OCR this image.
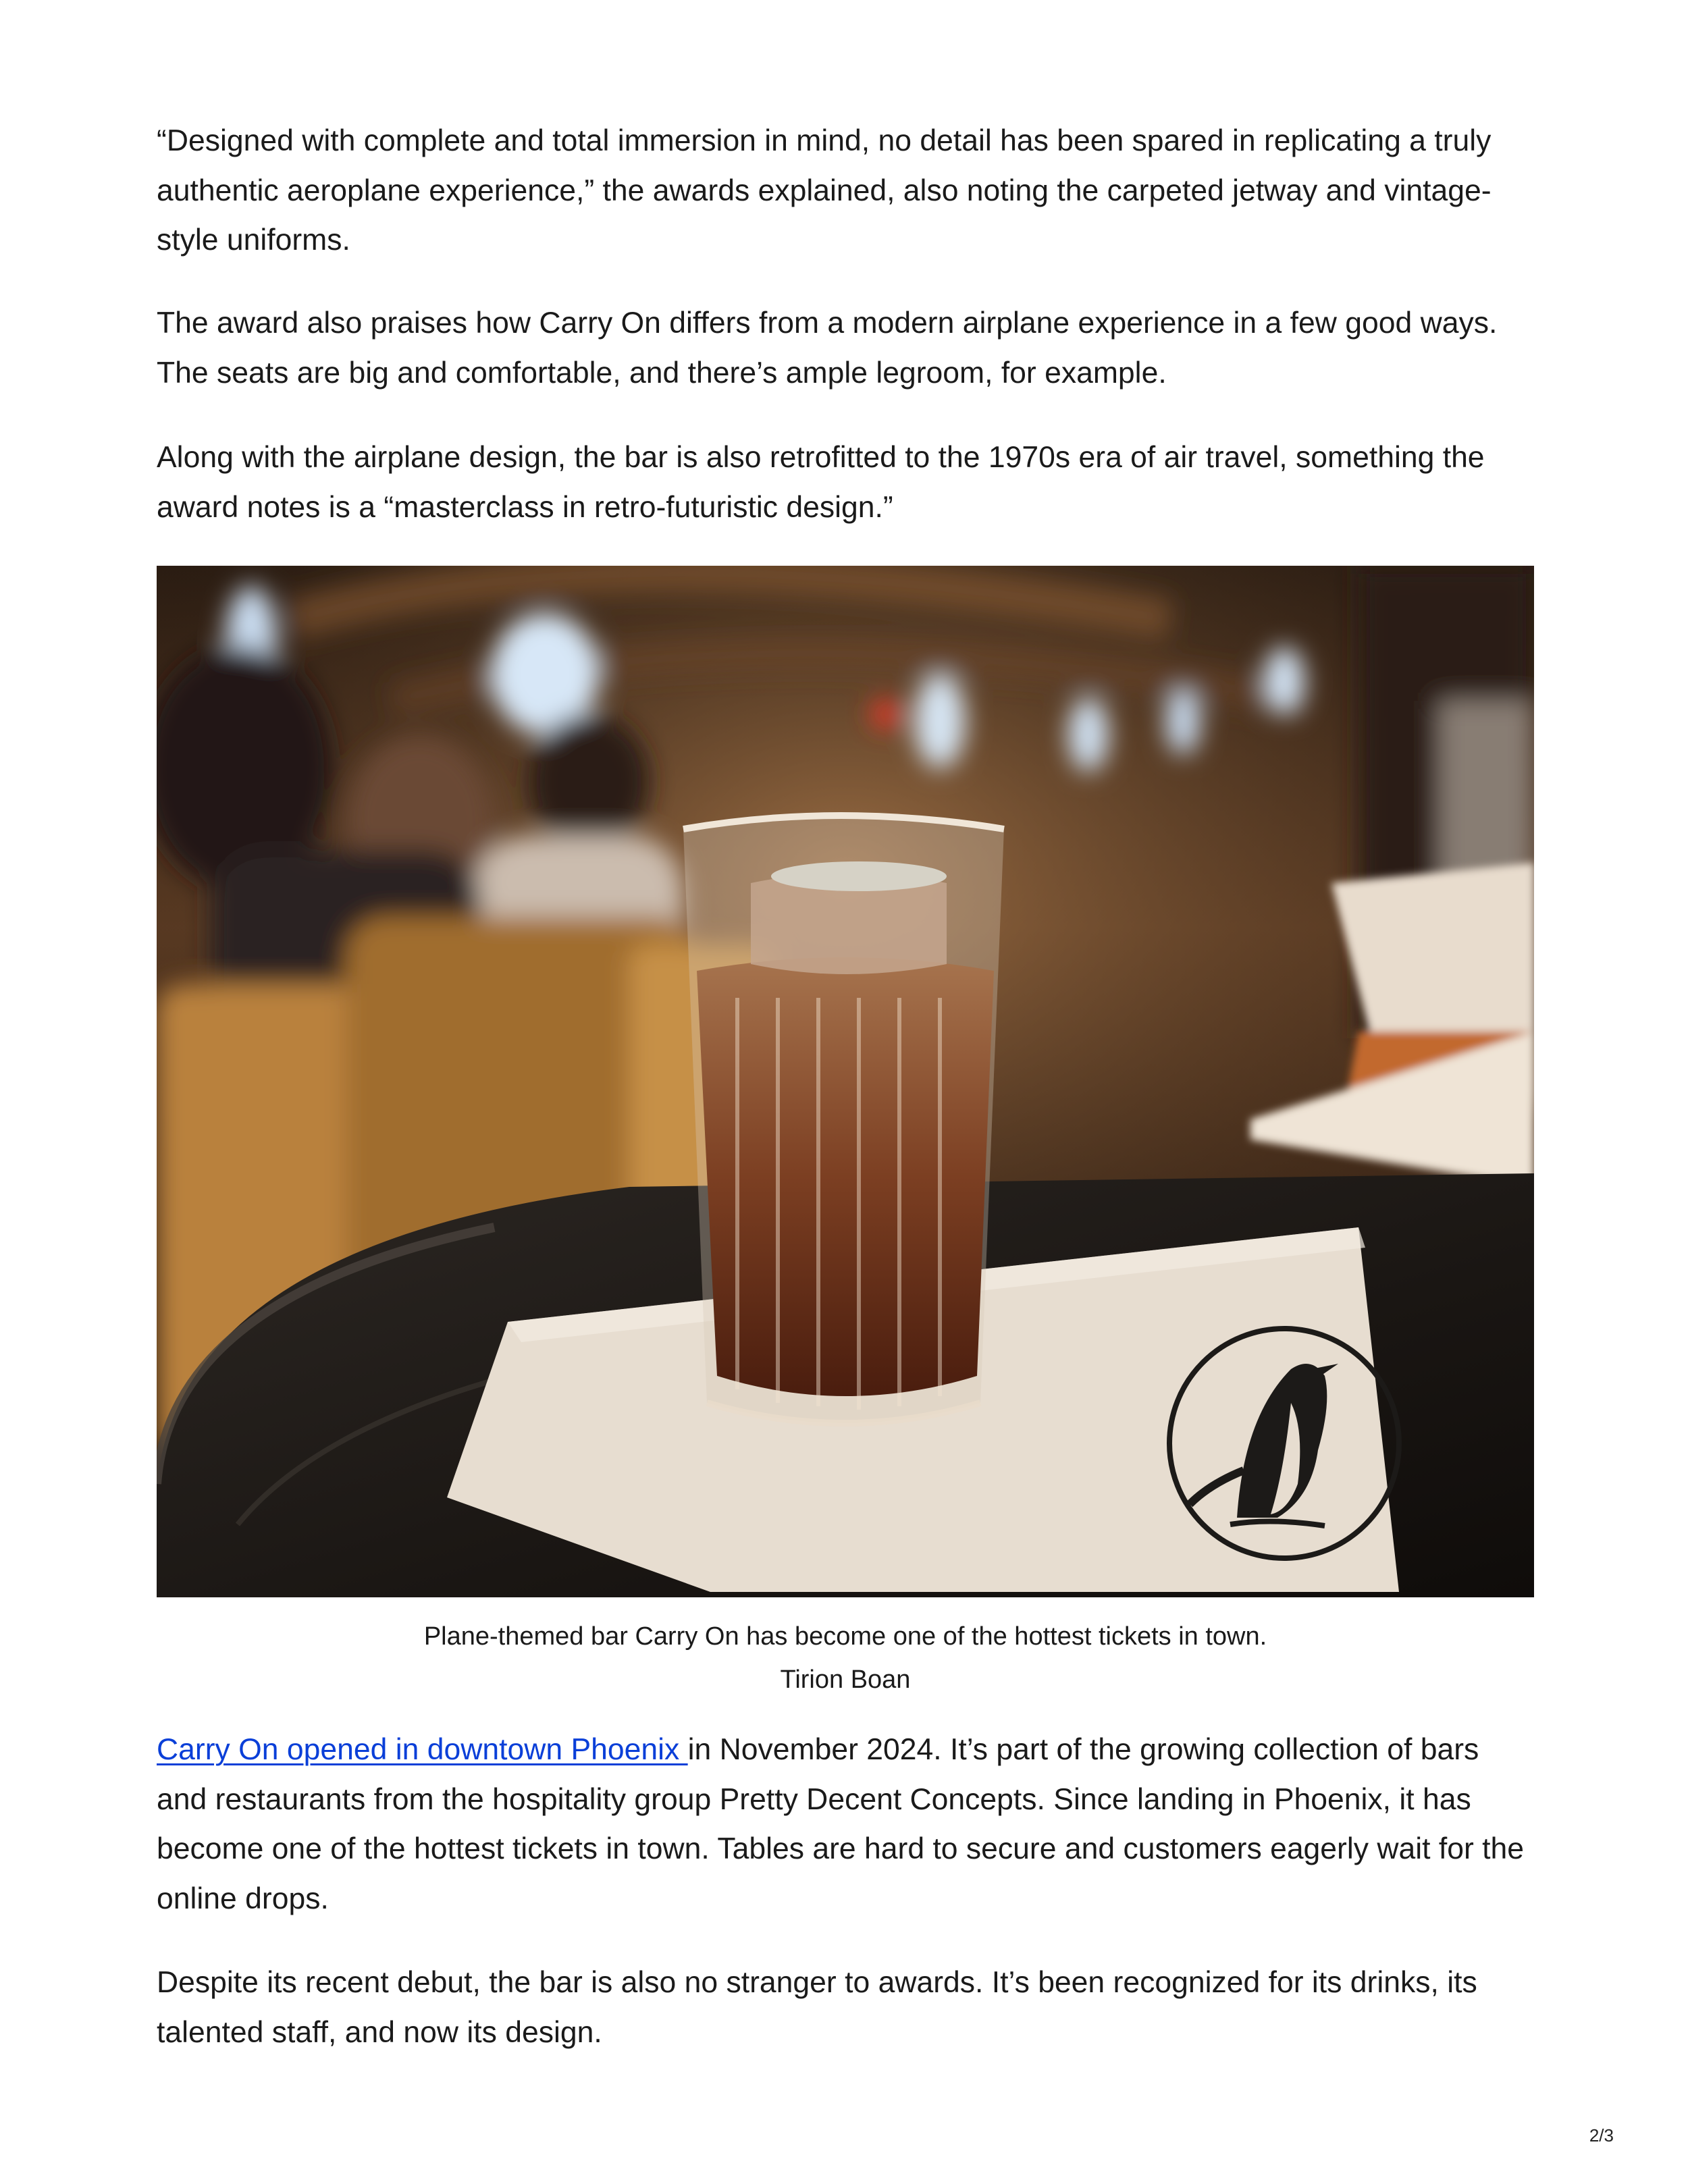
“Designed with complete and total immersion in mind, no detail has been spared in replicating a truly authentic aeroplane experience,” the awards explained, also noting the carpeted jetway and vintage-style uniforms.

The award also praises how Carry On differs from a modern airplane experience in a few good ways. The seats are big and comfortable, and there’s ample legroom, for example.

Along with the airplane design, the bar is also retrofitted to the 1970s era of air travel, something the award notes is a “masterclass in retro-futuristic design.”

Plane-themed bar Carry On has become one of the hottest tickets in town.
Tirion Boan

Carry On opened in downtown Phoenix in November 2024. It’s part of the growing collection of bars and restaurants from the hospitality group Pretty Decent Concepts. Since landing in Phoenix, it has become one of the hottest tickets in town. Tables are hard to secure and customers eagerly wait for the online drops.

Despite its recent debut, the bar is also no stranger to awards. It’s been recognized for its drinks, its talented staff, and now its design.

2/3
